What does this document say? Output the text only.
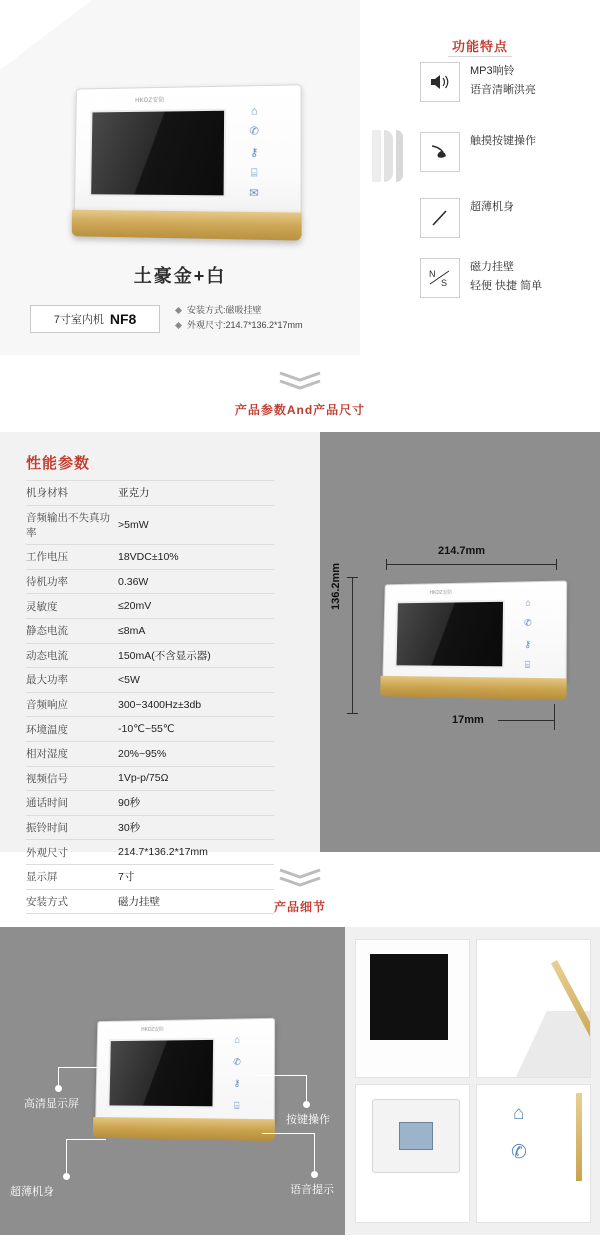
HKDZ安防
⌂
✆
⚷
⌸
✉
土豪金+白
7寸室内机 NF8
安装方式:磁吸挂壁
外观尺寸:214.7*136.2*17mm
功能特点
MP3响铃
语音清晰洪亮
触摸按键操作
超薄机身
N
S
磁力挂壁
轻便 快捷 简单
产品参数And产品尺寸
性能参数
机身材料	亚克力
音频输出不失真功率	>5mW
工作电压	18VDC±10%
待机功率	0.36W
灵敏度	≤20mV
静态电流	≤8mA
动态电流	150mA(不含显示器)
最大功率	<5W
音频响应	300~3400Hz±3db
环境温度	-10℃~55℃
相对湿度	20%~95%
视频信号	1Vp-p/75Ω
通话时间	90秒
振铃时间	30秒
外观尺寸	214.7*136.2*17mm
显示屏	7寸
安装方式	磁力挂壁
HKDZ安防
⌂
✆
⚷
⌸
214.7mm
136.2mm
17mm
产品细节
HKDZ安防
⌂
✆
⚷
⌸
高清显示屏
超薄机身
按键操作
语音提示
⌂
✆
